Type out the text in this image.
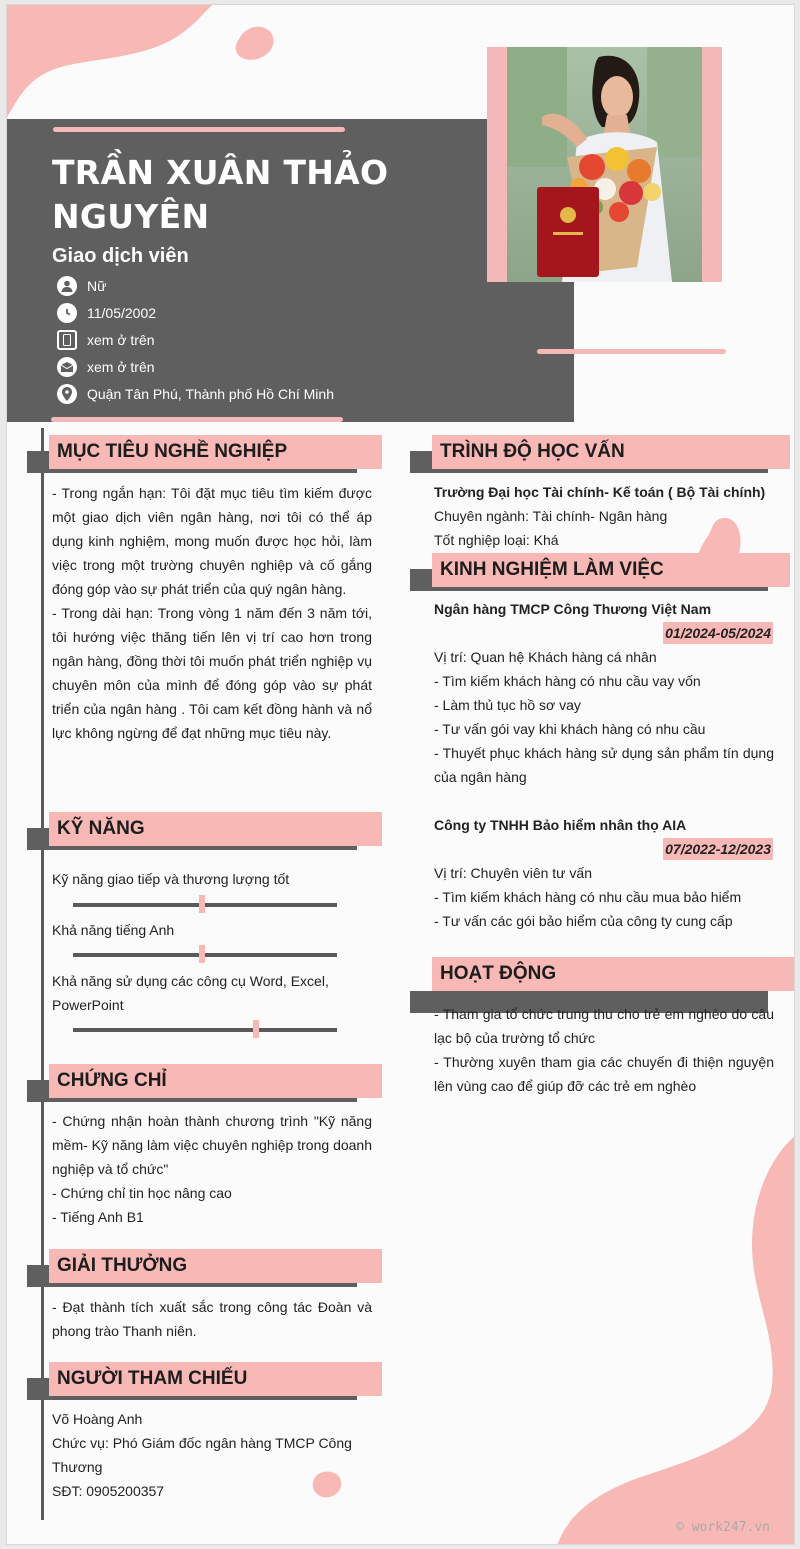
TRẦN XUÂN THẢO NGUYÊN
Giao dịch viên
Nữ
11/05/2002
xem ở trên
xem ở trên
Quận Tân Phú, Thành phố Hồ Chí Minh
MỤC TIÊU NGHỀ NGHIỆP

- Trong ngắn hạn: Tôi đặt mục tiêu tìm kiếm được một giao dịch viên ngân hàng, nơi tôi có thể áp dụng kinh nghiệm, mong muốn được học hỏi, làm việc trong một trường chuyên nghiệp và cố gắng đóng góp vào sự phát triển của quý ngân hàng.

- Trong dài hạn: Trong vòng 1 năm đến 3 năm tới, tôi hướng việc thăng tiến lên vị trí cao hơn trong ngân hàng, đồng thời tôi muốn phát triển nghiệp vụ chuyên môn của mình để đóng góp vào sự phát triển của ngân hàng . Tôi cam kết đồng hành và nổ lực không ngừng để đạt những mục tiêu này.

KỸ NĂNG
Kỹ năng giao tiếp và thương lượng tốt
Khả năng tiếng Anh
Khả năng sử dụng các công cụ Word, Excel, PowerPoint
CHỨNG CHỈ

- Chứng nhận hoàn thành chương trình "Kỹ năng mềm- Kỹ năng làm việc chuyên nghiệp trong doanh nghiệp và tổ chức"

- Chứng chỉ tin học nâng cao

- Tiếng Anh B1

GIẢI THƯỞNG
- Đạt thành tích xuất sắc trong công tác Đoàn và phong trào Thanh niên.
NGƯỜI THAM CHIẾU

Võ Hoàng Anh

Chức vụ: Phó Giám đốc ngân hàng TMCP Công Thương

SĐT: 0905200357

TRÌNH ĐỘ HỌC VẤN

Trường Đại học Tài chính- Kế toán ( Bộ Tài chính)

Chuyên ngành: Tài chính- Ngân hàng

Tốt nghiệp loại: Khá

KINH NGHIỆM LÀM VIỆC

Ngân hàng TMCP Công Thương Việt Nam

01/2024-05/2024

Vị trí: Quan hệ Khách hàng cá nhân

- Tìm kiếm khách hàng có nhu cầu vay vốn

- Làm thủ tục hồ sơ vay

- Tư vấn gói vay khi khách hàng có nhu cầu

- Thuyết phục khách hàng sử dụng sản phẩm tín dụng của ngân hàng

Công ty TNHH Bảo hiểm nhân thọ AIA

07/2022-12/2023

Vị trí: Chuyên viên tư vấn

- Tìm kiếm khách hàng có nhu cầu mua bảo hiểm

- Tư vấn các gói bảo hiểm của công ty cung cấp

HOẠT ĐỘNG

- Tham gia tổ chức trung thu cho trẻ em nghèo do câu lạc bộ của trường tổ chức

- Thường xuyên tham gia các chuyến đi thiện nguyện lên vùng cao để giúp đỡ các trẻ em nghèo

© work247.vn
